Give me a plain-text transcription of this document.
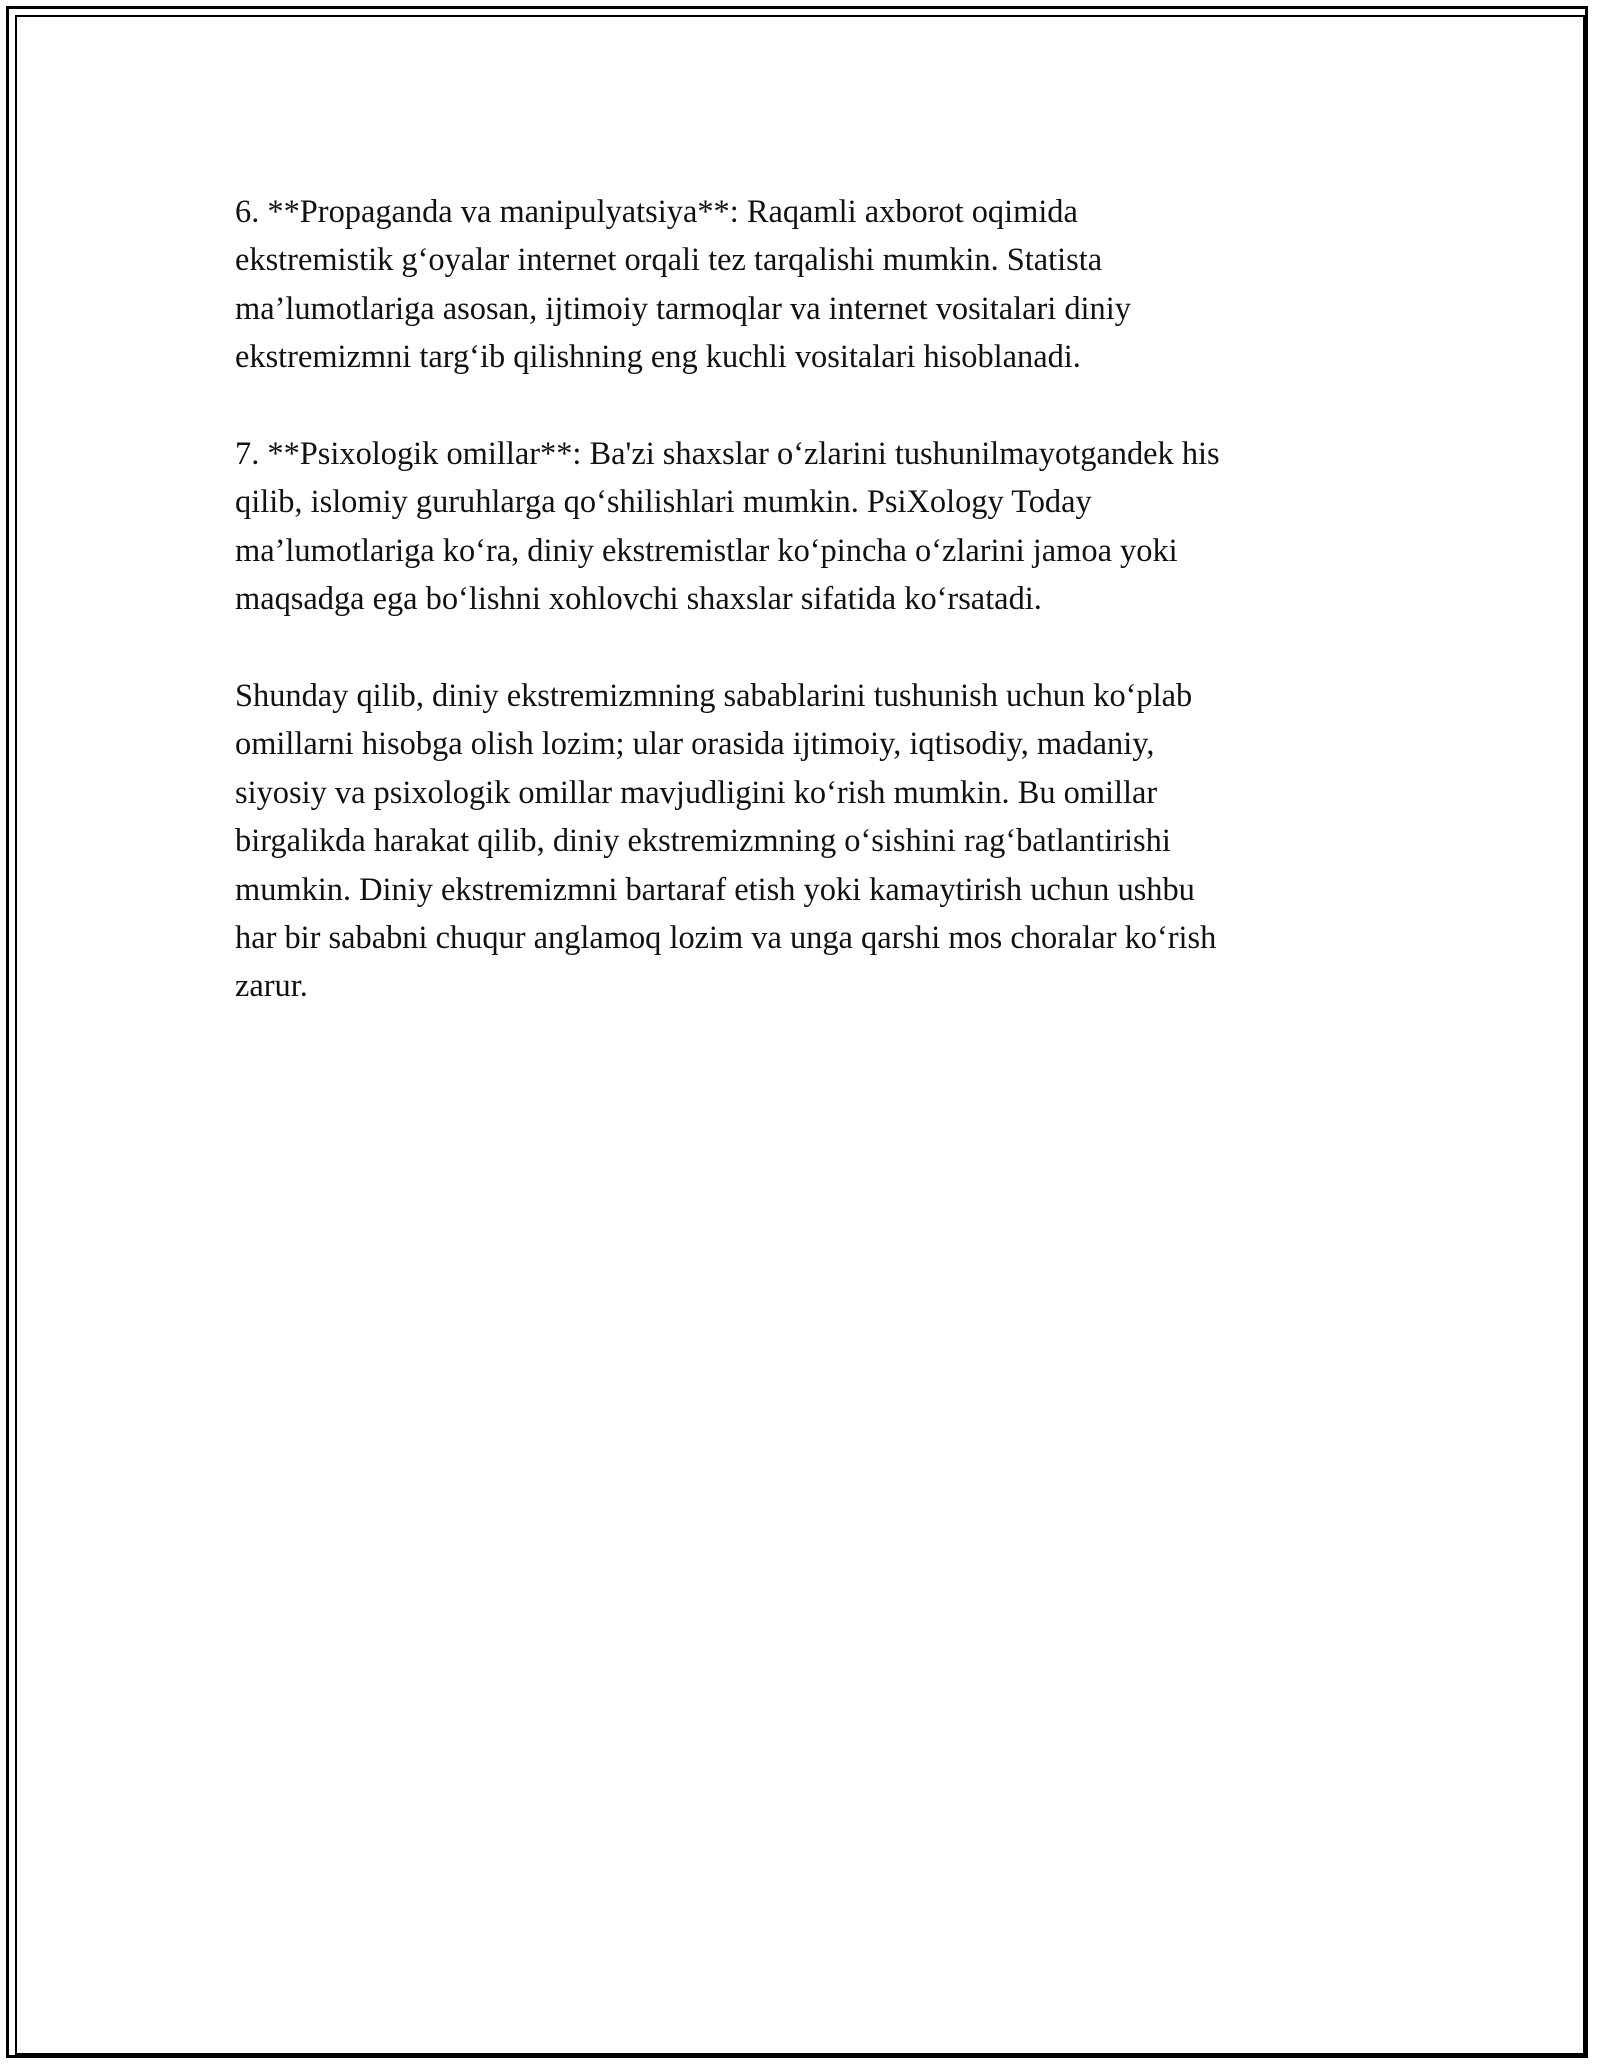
6. **Propaganda va manipulyatsiya**: Raqamli axborot oqimida
ekstremistik g‘oyalar internet orqali tez tarqalishi mumkin. Statista
ma’lumotlariga asosan, ijtimoiy tarmoqlar va internet vositalari diniy
ekstremizmni targ‘ib qilishning eng kuchli vositalari hisoblanadi.

7. **Psixologik omillar**: Ba'zi shaxslar o‘zlarini tushunilmayotgandek his
qilib, islomiy guruhlarga qo‘shilishlari mumkin. PsiXology Today
ma’lumotlariga ko‘ra, diniy ekstremistlar ko‘pincha o‘zlarini jamoa yoki
maqsadga ega bo‘lishni xohlovchi shaxslar sifatida ko‘rsatadi.

Shunday qilib, diniy ekstremizmning sabablarini tushunish uchun ko‘plab
omillarni hisobga olish lozim; ular orasida ijtimoiy, iqtisodiy, madaniy,
siyosiy va psixologik omillar mavjudligini ko‘rish mumkin. Bu omillar
birgalikda harakat qilib, diniy ekstremizmning o‘sishini rag‘batlantirishi
mumkin. Diniy ekstremizmni bartaraf etish yoki kamaytirish uchun ushbu
har bir sababni chuqur anglamoq lozim va unga qarshi mos choralar ko‘rish
zarur.
